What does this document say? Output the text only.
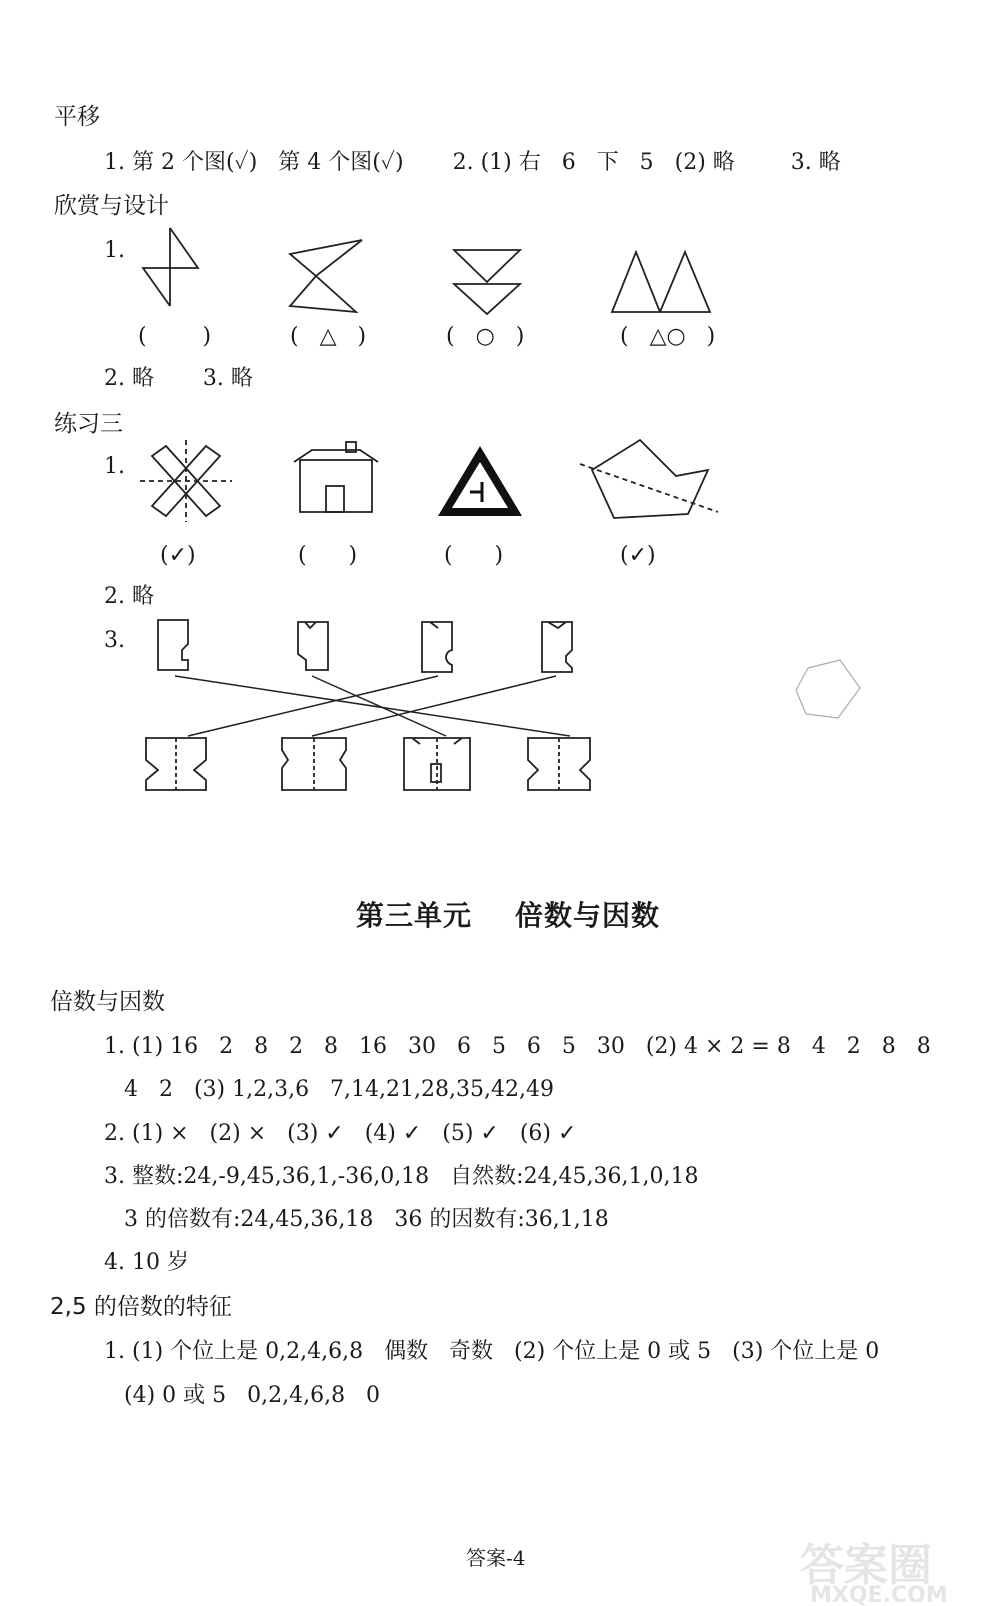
平移
1. 第 2 个图(✓)   第 4 个图(✓)       2. (1) 右   6   下   5   (2) 略        3. 略
欣赏与设计
1.
(        )	(   △   )	(   ○   )	(   △○   )
2. 略       3. 略
练习三
1.
(✓)	(      )	(      )	(✓)
2. 略
3.
第三单元    倍数与因数
倍数与因数
1. (1) 16   2   8   2   8   16   30   6   5   6   5   30   (2) 4 × 2 = 8   4   2   8   8
4   2   (3) 1,2,3,6   7,14,21,28,35,42,49
2. (1) ×   (2) ×   (3) ✓   (4) ✓   (5) ✓   (6) ✓
3. 整数:24,-9,45,36,1,-36,0,18   自然数:24,45,36,1,0,18
3 的倍数有:24,45,36,18   36 的因数有:36,1,18
4. 10 岁
2,5 的倍数的特征
1. (1) 个位上是 0,2,4,6,8   偶数   奇数   (2) 个位上是 0 或 5   (3) 个位上是 0
(4) 0 或 5   0,2,4,6,8   0
答案-4	答案圈
MXQE.COM
